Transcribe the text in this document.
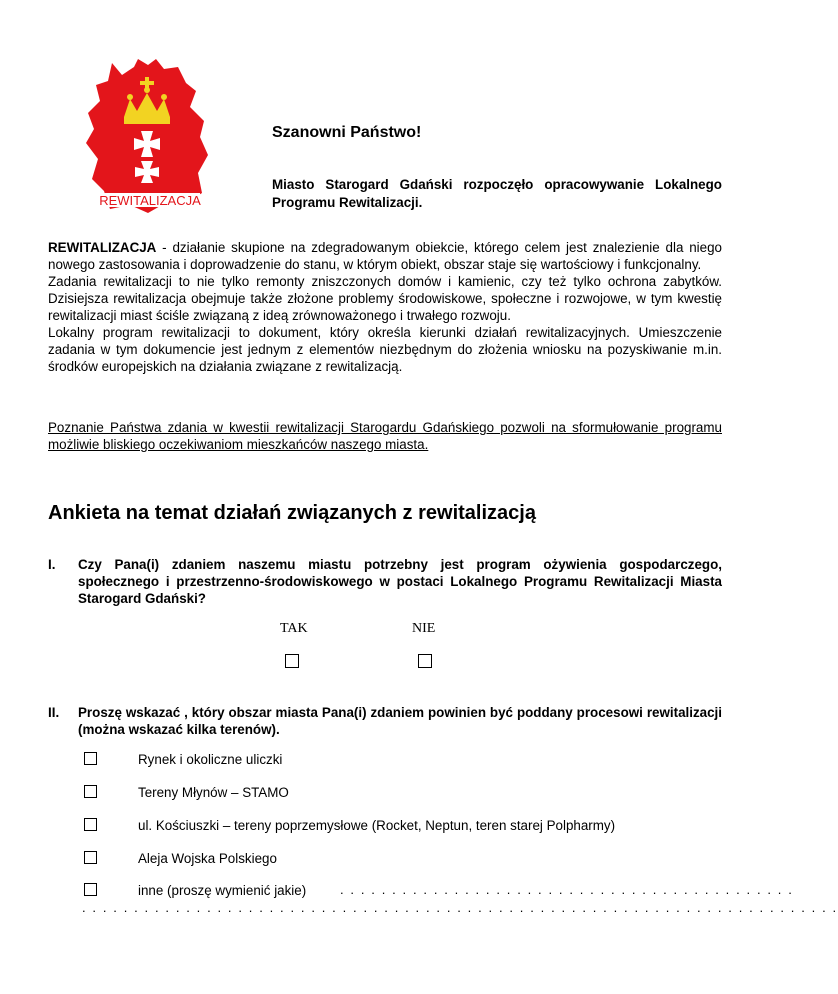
REWITALIZACJA
Szanowni Państwo!
Miasto Starogard Gdański rozpoczęło opracowywanie Lokalnego Programu Rewitalizacji.

REWITALIZACJA - działanie skupione na zdegradowanym obiekcie, którego celem jest znalezienie dla niego nowego zastosowania i doprowadzenie do stanu, w którym obiekt, obszar staje się wartościowy i funkcjonalny.

Zadania rewitalizacji to nie tylko remonty zniszczonych domów i kamienic, czy też tylko ochrona zabytków. Dzisiejsza rewitalizacja obejmuje także złożone problemy środowiskowe, społeczne i rozwojowe, w tym kwestię rewitalizacji miast ściśle związaną z ideą zrównoważonego i trwałego rozwoju.

Lokalny program rewitalizacji to dokument, który określa kierunki działań rewitalizacyjnych. Umieszczenie zadania w tym dokumencie jest jednym z elementów niezbędnym do złożenia wniosku na pozyskiwanie m.in. środków europejskich na działania związane z rewitalizacją.

Poznanie Państwa zdania w kwestii rewitalizacji Starogardu Gdańskiego pozwoli na sformułowanie programu możliwie bliskiego oczekiwaniom mieszkańców naszego miasta.
Ankieta na temat działań związanych z rewitalizacją
I. Czy Pana(i) zdaniem naszemu miastu potrzebny jest program ożywienia gospodarczego, społecznego i przestrzenno-środowiskowego w postaci Lokalnego Programu Rewitalizacji Miasta Starogard Gdański?
TAK	NIE
II. Proszę wskazać , który obszar miasta Pana(i) zdaniem powinien być poddany procesowi rewitalizacji (można wskazać kilka terenów).
Rynek i okoliczne uliczki
Tereny Młynów – STAMO
ul. Kościuszki – tereny poprzemysłowe (Rocket, Neptun, teren starej Polpharmy)
Aleja Wojska Polskiego
inne (proszę wymienić jakie)	. . . . . . . . . . . . . . . . . . . . . . . . . . . . . . . . . . . . . . . . . . . .
. . . . . . . . . . . . . . . . . . . . . . . . . . . . . . . . . . . . . . . . . . . . . . . . . . . . . . . . . . . . . . . . . . . . . . . . .
